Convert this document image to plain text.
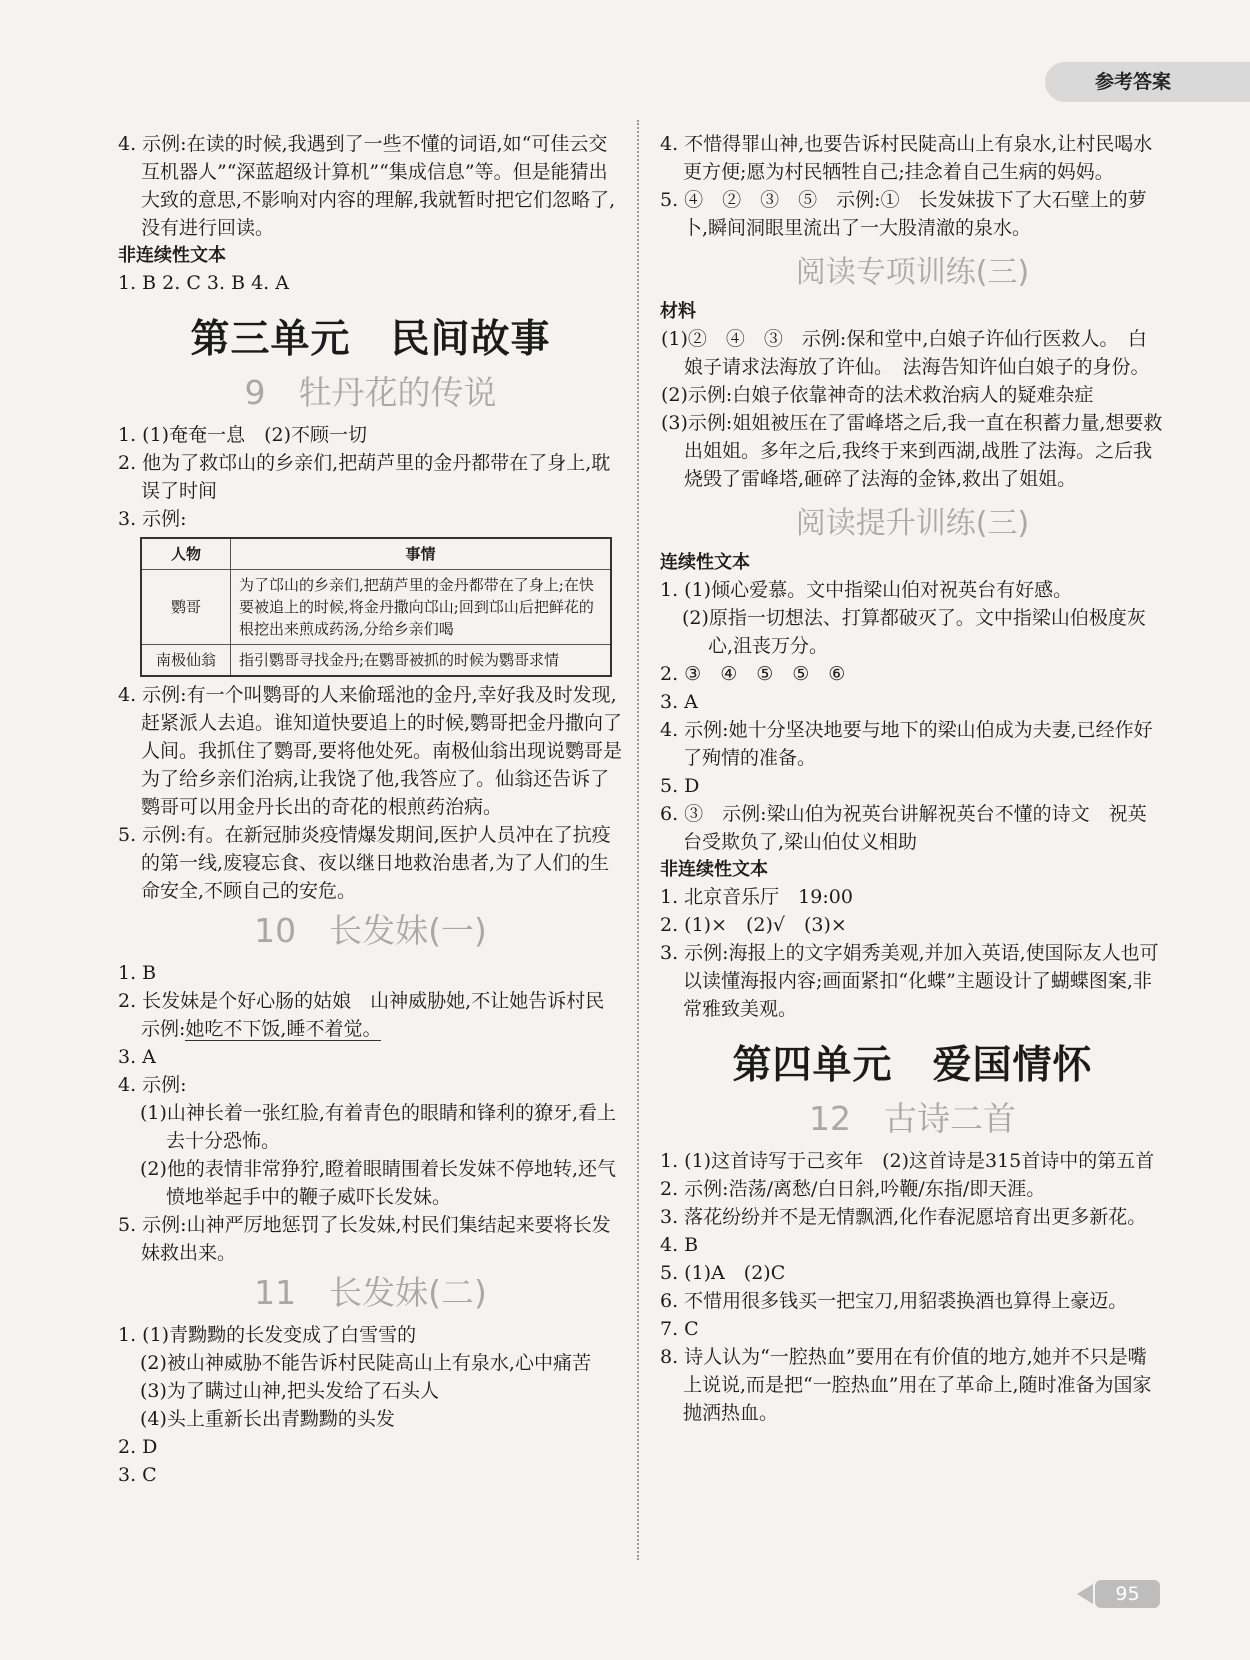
参考答案

4. 示例:在读的时候,我遇到了一些不懂的词语,如“可佳云交互机器人”“深蓝超级计算机”“集成信息”等。但是能猜出大致的意思,不影响对内容的理解,我就暂时把它们忽略了,没有进行回读。

非连续性文本

1. B 2. C 3. B 4. A

第三单元　民间故事

9　牡丹花的传说

1. (1)奄奄一息　(2)不顾一切

2. 他为了救邙山的乡亲们,把葫芦里的金丹都带在了身上,耽误了时间

3. 示例:

人物	事情
鹦哥	为了邙山的乡亲们,把葫芦里的金丹都带在了身上;在快要被追上的时候,将金丹撒向邙山;回到邙山后把鲜花的根挖出来煎成药汤,分给乡亲们喝
南极仙翁	指引鹦哥寻找金丹;在鹦哥被抓的时候为鹦哥求情

4. 示例:有一个叫鹦哥的人来偷瑶池的金丹,幸好我及时发现,赶紧派人去追。谁知道快要追上的时候,鹦哥把金丹撒向了人间。我抓住了鹦哥,要将他处死。南极仙翁出现说鹦哥是为了给乡亲们治病,让我饶了他,我答应了。仙翁还告诉了鹦哥可以用金丹长出的奇花的根煎药治病。

5. 示例:有。在新冠肺炎疫情爆发期间,医护人员冲在了抗疫的第一线,废寝忘食、夜以继日地救治患者,为了人们的生命安全,不顾自己的安危。

10　长发妹(一)

1. B

2. 长发妹是个好心肠的姑娘　山神威胁她,不让她告诉村民　示例:她吃不下饭,睡不着觉。

3. A

4. 示例:

(1)山神长着一张红脸,有着青色的眼睛和锋利的獠牙,看上去十分恐怖。

(2)他的表情非常狰狞,瞪着眼睛围着长发妹不停地转,还气愤地举起手中的鞭子威吓长发妹。

5. 示例:山神严厉地惩罚了长发妹,村民们集结起来要将长发妹救出来。

11　长发妹(二)

1. (1)青黝黝的长发变成了白雪雪的

(2)被山神威胁不能告诉村民陡高山上有泉水,心中痛苦

(3)为了瞒过山神,把头发给了石头人

(4)头上重新长出青黝黝的头发

2. D

3. C

4. 不惜得罪山神,也要告诉村民陡高山上有泉水,让村民喝水更方便;愿为村民牺牲自己;挂念着自己生病的妈妈。

5. ④　②　③　⑤　示例:①　长发妹拔下了大石壁上的萝卜,瞬间洞眼里流出了一大股清澈的泉水。

阅读专项训练(三)

材料

(1)②　④　③　示例:保和堂中,白娘子许仙行医救人。　白娘子请求法海放了许仙。　法海告知许仙白娘子的身份。

(2)示例:白娘子依靠神奇的法术救治病人的疑难杂症

(3)示例:姐姐被压在了雷峰塔之后,我一直在积蓄力量,想要救出姐姐。多年之后,我终于来到西湖,战胜了法海。之后我烧毁了雷峰塔,砸碎了法海的金钵,救出了姐姐。

阅读提升训练(三)

连续性文本

1. (1)倾心爱慕。文中指梁山伯对祝英台有好感。

(2)原指一切想法、打算都破灭了。文中指梁山伯极度灰心,沮丧万分。

2. ③　④　⑤　⑤　⑥

3. A

4. 示例:她十分坚决地要与地下的梁山伯成为夫妻,已经作好了殉情的准备。

5. D

6. ③　示例:梁山伯为祝英台讲解祝英台不懂的诗文　祝英台受欺负了,梁山伯仗义相助

非连续性文本

1. 北京音乐厅　19:00

2. (1)×　(2)√　(3)×

3. 示例:海报上的文字娟秀美观,并加入英语,使国际友人也可以读懂海报内容;画面紧扣“化蝶”主题设计了蝴蝶图案,非常雅致美观。

第四单元　爱国情怀

12　古诗二首

1. (1)这首诗写于己亥年　(2)这首诗是315首诗中的第五首

2. 示例:浩荡/离愁/白日斜,吟鞭/东指/即天涯。

3. 落花纷纷并不是无情飘洒,化作春泥愿培育出更多新花。

4. B

5. (1)A　(2)C

6. 不惜用很多钱买一把宝刀,用貂裘换酒也算得上豪迈。

7. C

8. 诗人认为“一腔热血”要用在有价值的地方,她并不只是嘴上说说,而是把“一腔热血”用在了革命上,随时准备为国家抛洒热血。

95
